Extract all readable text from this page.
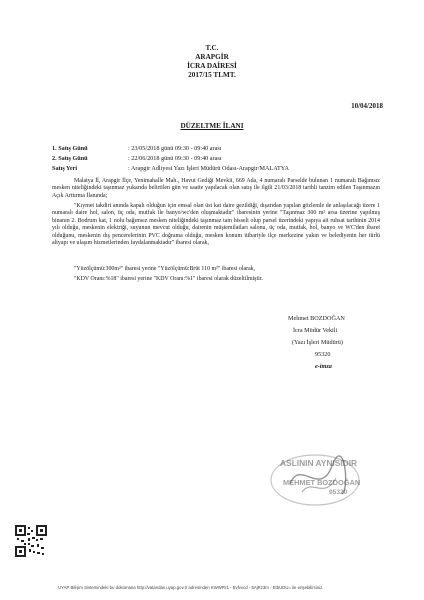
T.C.
ARAPGİR
İCRA DAİRESİ
2017/15 TLMT.
10/04/2018
DÜZELTME İLANI
1. Satış Günü	: 23/05/2018 günü 09:30 - 09:40 arası
2. Satış Günü	: 22/06/2018 günü 09:30 - 09:40 arası
Satış Yeri	: Arapgir Adliyesi Yazı İşleri Müdürü Odası-Arapgir/MALATYA
Malatya İl, Arapgir İlçe, Yenimahalle Mah., Havut Gediği Mevkii, 669 Ada, 4 numaralı Parselde bulunan 1 numaralı Bağımsız mesken niteliğindeki taşınmaz yukarıda belirtilen gün ve saatte yapılacak olan satış ile ilgili 21/03/2018 tarihli tanzim edilen Taşınmazın Açık Arttırma İlanında;
"Kıymet takdiri anında kapalı olduğun için emsal olan üst kat daire gezildiği, dışarıdan yapılan gözlemle de anlaşılacağı üzere 1 numaralı daire hol, salon, üç oda, mutfak ile banyo/wc'den oluşmaktadır" ibaresinin yerine "Taşınmaz 300 m² arsa üzerine yapılmış binanın 2. Bodrum kat, 1 nolu bağımsız mesken niteliğindeki taşınmaz tam hisseli olup parsel üzerindeki yapıya ait ruhsat tarihinin 2014 yılı olduğu, meskenin elektriği, suyunun mevcut olduğu, dairenin müştemilatları salonu, üç oda, mutfak, hol, banyo ve WC'den ibaret olduğunu, meskenin dış pencerelerinin PVC doğrama olduğu, mesken konum itibariyle ilçe merkezine yakın ve belediyenin her türlü altyapı ve ulaşım hizmetlerinden faydalanmaktadır" ibaresi olarak,
"Yüzölçümü:300m²" ibaresi yerine "Yüzölçümü:Brüt 110 m²" ibaresi olarak,
"KDV Oranı:%18" ibaresi yerine "KDV Oranı:%1" ibaresi olarak düzeltilmiştir.
Mehmet BOZDOĞAN
İcra Müdür Vekili
(Yazı İşleri Müdürü)
95320
e-imza
ASLININ AYNISIDIR
MEHMET BOZDOĞAN
95320
UYAP Bilişim Sistemindeki bu dokümana http://vatandas.uyap.gov.tr adresinden KWWRr1 - Evfvxcd - 5AjRz3m - EtbUDU= ile erişebilirsiniz.
